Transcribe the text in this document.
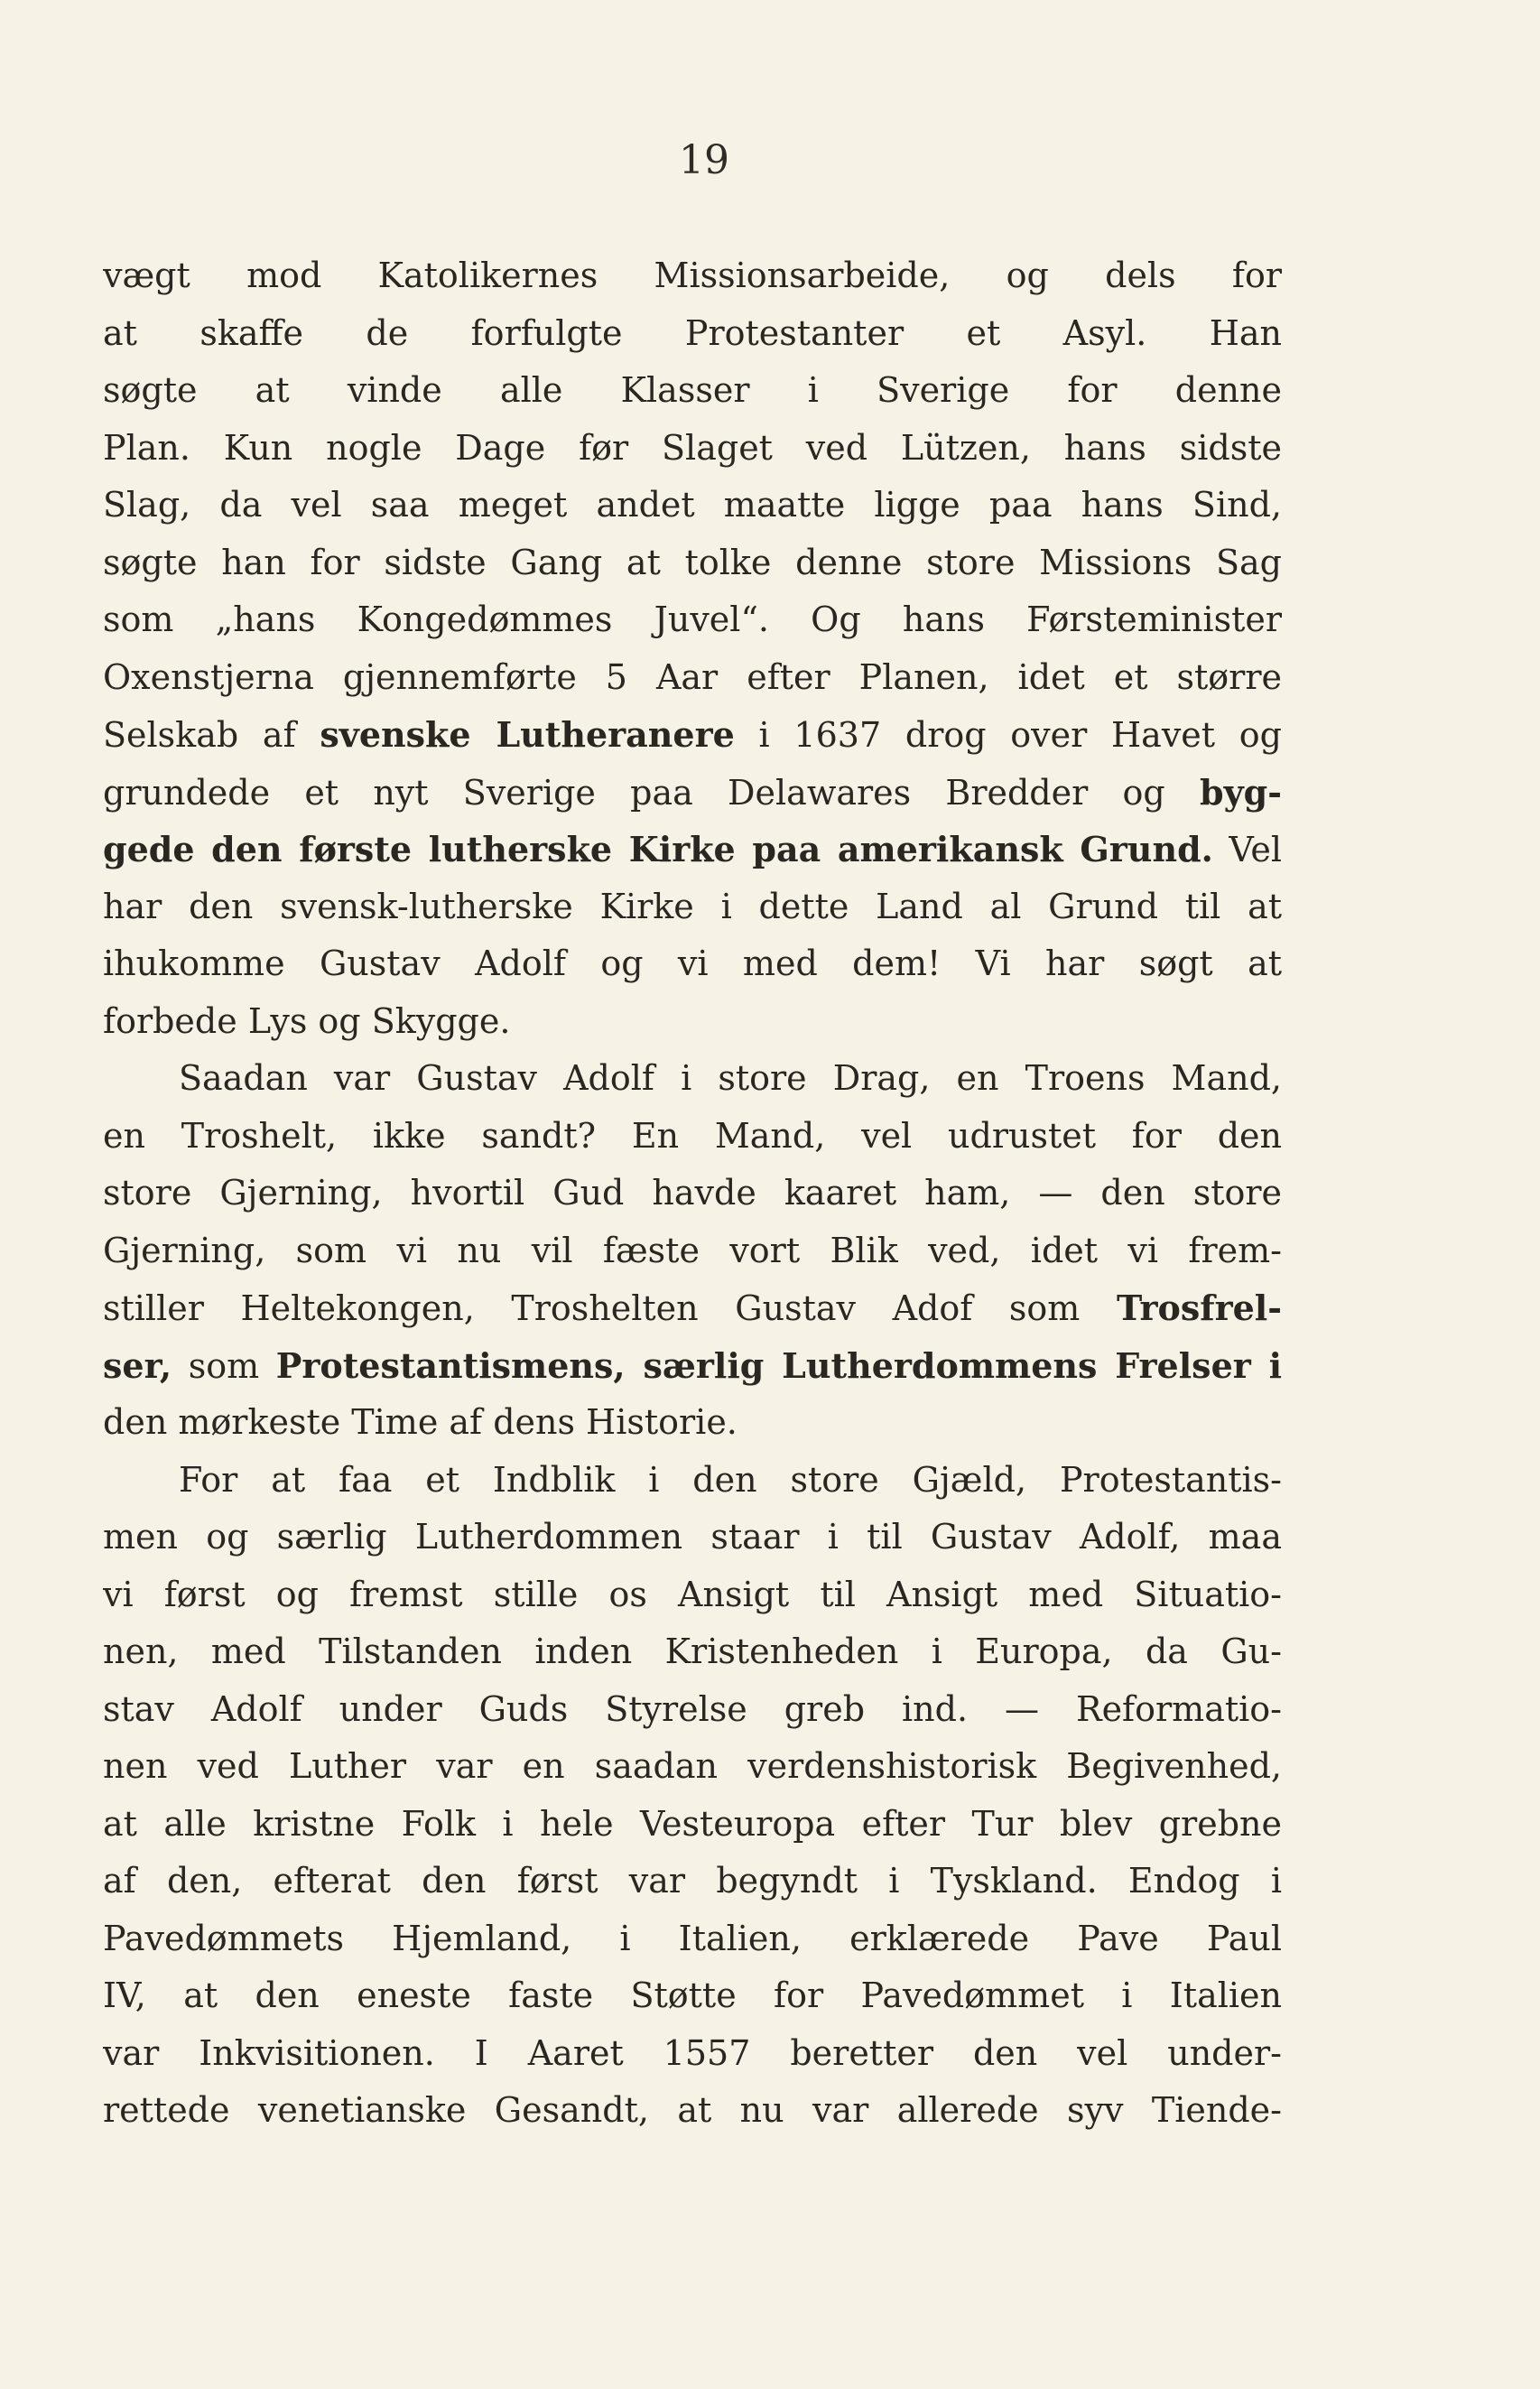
19
vægt mod Katolikernes Missionsarbeide, og dels for
at skaffe de forfulgte Protestanter et Asyl. Han
søgte at vinde alle Klasser i Sverige for denne
Plan. Kun nogle Dage før Slaget ved Lützen, hans sidste
Slag, da vel saa meget andet maatte ligge paa hans Sind,
søgte han for sidste Gang at tolke denne store Missions Sag
som „hans Kongedømmes Juvel“. Og hans Førsteminister
Oxenstjerna gjennemførte 5 Aar efter Planen, idet et større
Selskab af svenske Lutheranere i 1637 drog over Havet og
grundede et nyt Sverige paa Delawares Bredder og byg-
gede den første lutherske Kirke paa amerikansk Grund. Vel
har den svensk-lutherske Kirke i dette Land al Grund til at
ihukomme Gustav Adolf og vi med dem! Vi har søgt at
forbede Lys og Skygge.
Saadan var Gustav Adolf i store Drag, en Troens Mand,
en Troshelt, ikke sandt? En Mand, vel udrustet for den
store Gjerning, hvortil Gud havde kaaret ham, — den store
Gjerning, som vi nu vil fæste vort Blik ved, idet vi frem-
stiller Heltekongen, Troshelten Gustav Adof som Trosfrel-
ser, som Protestantismens, særlig Lutherdommens Frelser i
den mørkeste Time af dens Historie.
For at faa et Indblik i den store Gjæld, Protestantis-
men og særlig Lutherdommen staar i til Gustav Adolf, maa
vi først og fremst stille os Ansigt til Ansigt med Situatio-
nen, med Tilstanden inden Kristenheden i Europa, da Gu-
stav Adolf under Guds Styrelse greb ind. — Reformatio-
nen ved Luther var en saadan verdenshistorisk Begivenhed,
at alle kristne Folk i hele Vesteuropa efter Tur blev grebne
af den, efterat den først var begyndt i Tyskland. Endog i
Pavedømmets Hjemland, i Italien, erklærede Pave Paul
IV, at den eneste faste Støtte for Pavedømmet i Italien
var Inkvisitionen. I Aaret 1557 beretter den vel under-
rettede venetianske Gesandt, at nu var allerede syv Tiende-
